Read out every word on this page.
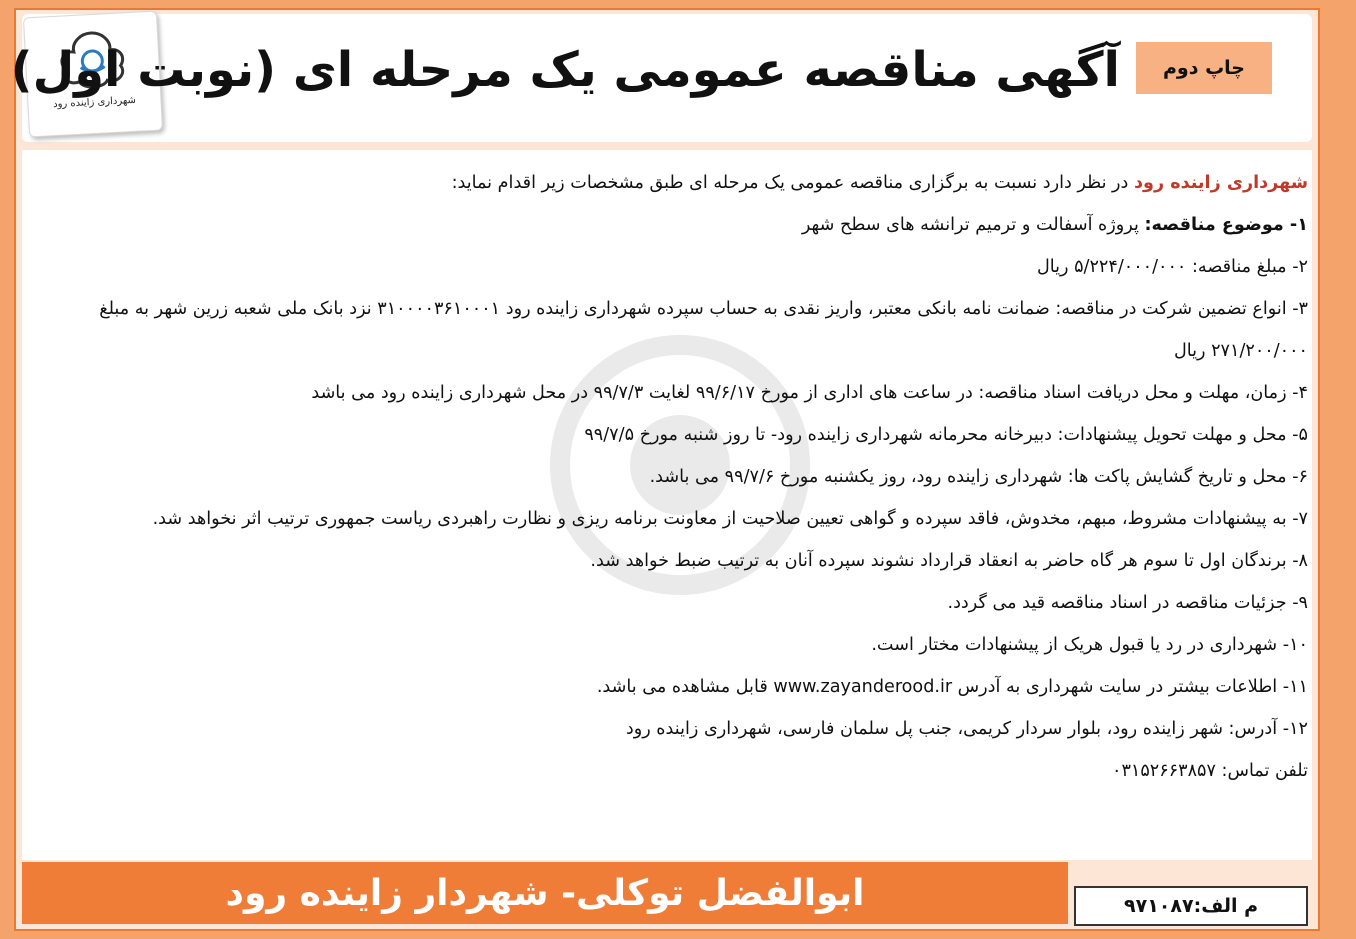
شهرداری زاینده رود
چاپ دوم
آگهی مناقصه عمومی یک مرحله ای (نوبت اول)

شهرداری زاینده رود در نظر دارد نسبت به برگزاری مناقصه عمومی یک مرحله ای طبق مشخصات زیر اقدام نماید:

۱- موضوع مناقصه: پروژه آسفالت و ترمیم ترانشه های سطح شهر

۲- مبلغ مناقصه: ۵/۲۲۴/۰۰۰/۰۰۰ ریال

۳- انواع تضمین شرکت در مناقصه: ضمانت نامه بانکی معتبر، واریز نقدی به حساب سپرده شهرداری زاینده رود ۳۱۰۰۰۰۳۶۱۰۰۰۱ نزد بانک ملی شعبه زرین شهر به مبلغ ۲۷۱/۲۰۰/۰۰۰ ریال

۴- زمان، مهلت و محل دریافت اسناد مناقصه: در ساعت های اداری از مورخ ۹۹/۶/۱۷ لغایت ۹۹/۷/۳ در محل شهرداری زاینده رود می باشد

۵- محل و مهلت تحویل پیشنهادات: دبیرخانه محرمانه شهرداری زاینده رود- تا روز شنبه مورخ ۹۹/۷/۵

۶- محل و تاریخ گشایش پاکت ها: شهرداری زاینده رود، روز یکشنبه مورخ ۹۹/۷/۶ می باشد.

۷- به پیشنهادات مشروط، مبهم، مخدوش، فاقد سپرده و گواهی تعیین صلاحیت از معاونت برنامه ریزی و نظارت راهبردی ریاست جمهوری ترتیب اثر نخواهد شد.

۸- برندگان اول تا سوم هر گاه حاضر به انعقاد قرارداد نشوند سپرده آنان به ترتیب ضبط خواهد شد.

۹- جزئیات مناقصه در اسناد مناقصه قید می گردد.

۱۰- شهرداری در رد یا قبول هریک از پیشنهادات مختار است.

۱۱- اطلاعات بیشتر در سایت شهرداری به آدرس www.zayanderood.ir قابل مشاهده می باشد.

۱۲- آدرس: شهر زاینده رود، بلوار سردار کریمی، جنب پل سلمان فارسی، شهرداری زاینده رود

تلفن تماس: ۰۳۱۵۲۶۶۳۸۵۷

ابوالفضل توکلی- شهردار زاینده رود	م الف:۹۷۱۰۸۷
